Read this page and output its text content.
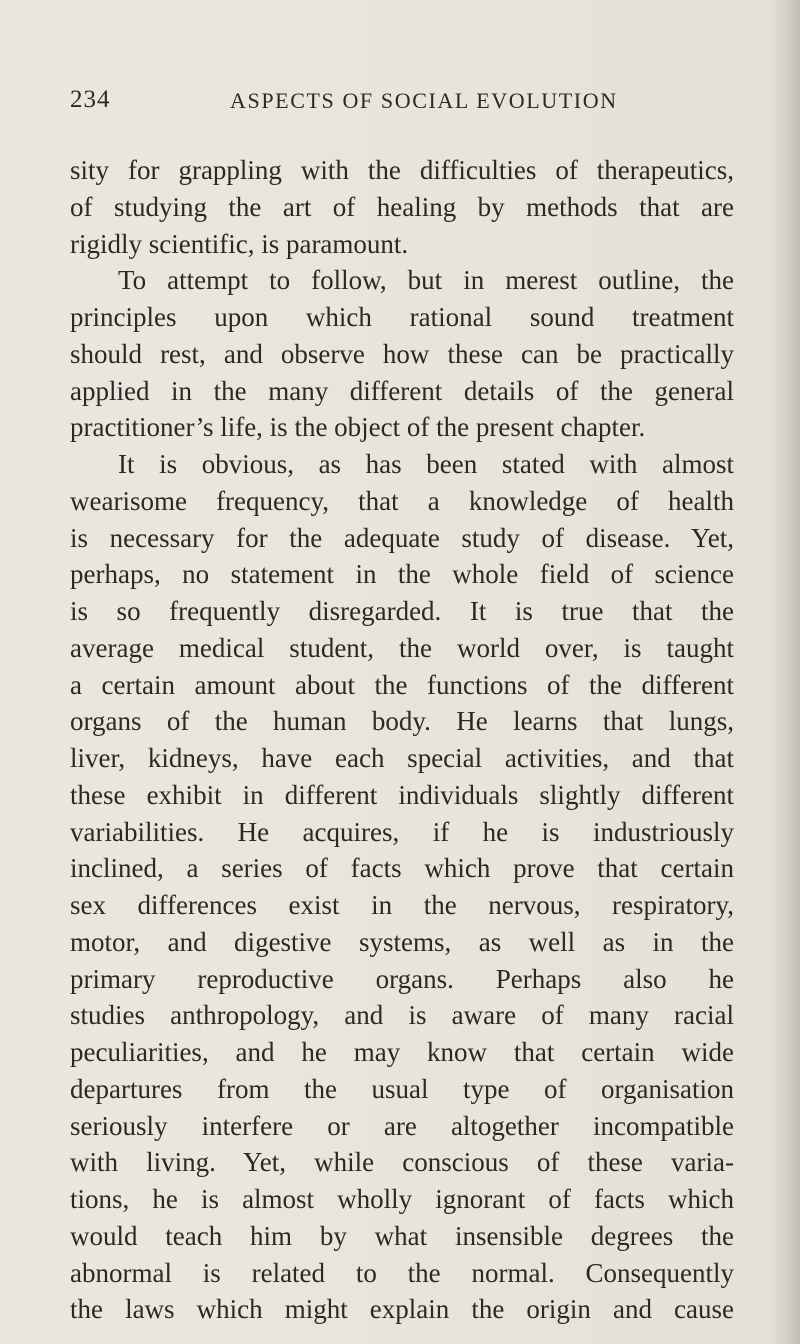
234	ASPECTS OF SOCIAL EVOLUTION
sity for grappling with the difficulties of therapeutics,
of studying the art of healing by methods that are
rigidly scientific, is paramount.
To attempt to follow, but in merest outline, the
principles upon which rational sound treatment
should rest, and observe how these can be practically
applied in the many different details of the general
practitioner’s life, is the object of the present chapter.
It is obvious, as has been stated with almost
wearisome frequency, that a knowledge of health
is necessary for the adequate study of disease. Yet,
perhaps, no statement in the whole field of science
is so frequently disregarded. It is true that the
average medical student, the world over, is taught
a certain amount about the functions of the different
organs of the human body. He learns that lungs,
liver, kidneys, have each special activities, and that
these exhibit in different individuals slightly different
variabilities. He acquires, if he is industriously
inclined, a series of facts which prove that certain
sex differences exist in the nervous, respiratory,
motor, and digestive systems, as well as in the
primary reproductive organs. Perhaps also he
studies anthropology, and is aware of many racial
peculiarities, and he may know that certain wide
departures from the usual type of organisation
seriously interfere or are altogether incompatible
with living. Yet, while conscious of these varia-
tions, he is almost wholly ignorant of facts which
would teach him by what insensible degrees the
abnormal is related to the normal. Consequently
the laws which might explain the origin and cause
